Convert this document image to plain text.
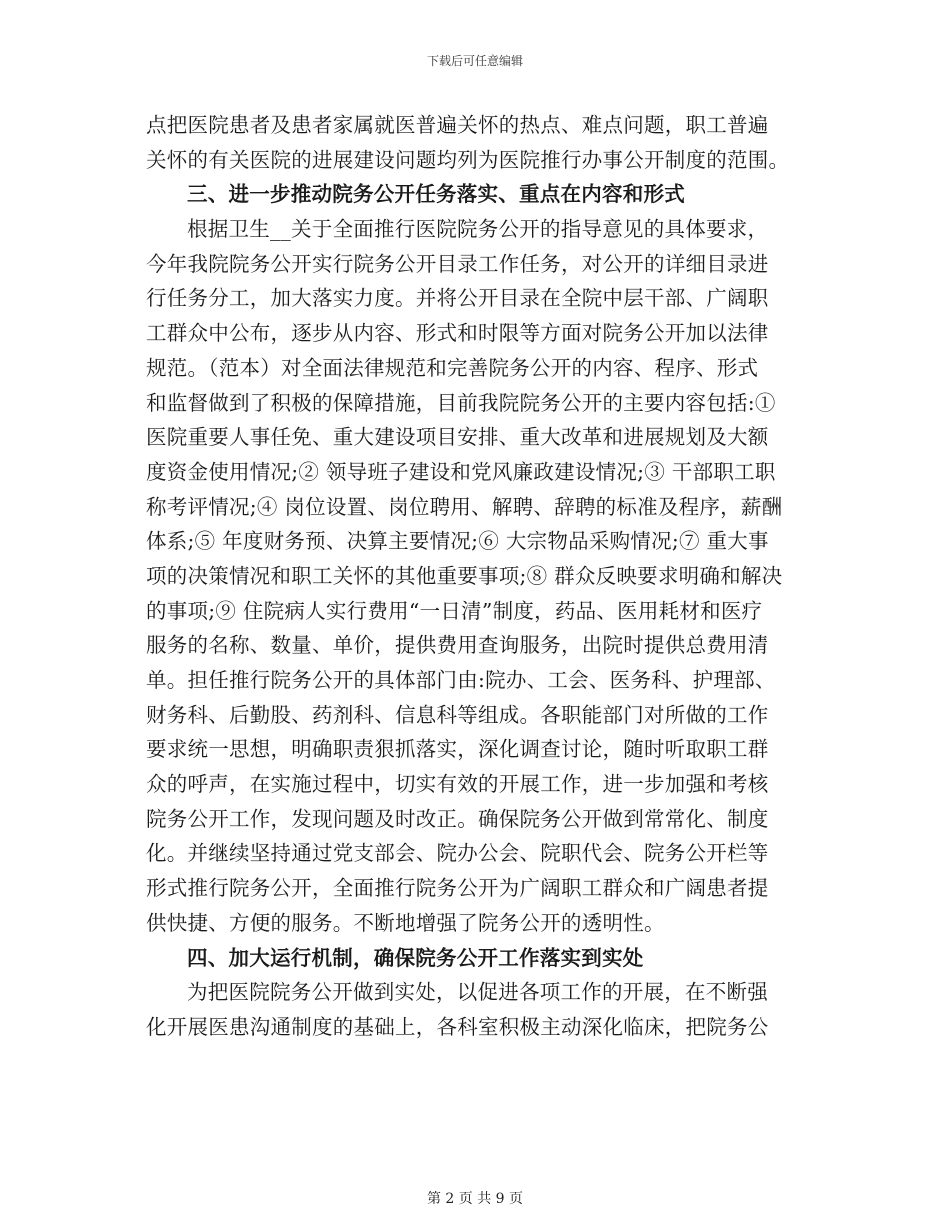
下载后可任意编辑
点把医院患者及患者家属就医普遍关怀的热点、难点问题，职工普遍
关怀的有关医院的进展建设问题均列为医院推行办事公开制度的范围。
三、进一步推动院务公开任务落实、重点在内容和形式
根据卫生__关于全面推行医院院务公开的指导意见的具体要求，
今年我院院务公开实行院务公开目录工作任务，对公开的详细目录进
行任务分工，加大落实力度。并将公开目录在全院中层干部、广阔职
工群众中公布，逐步从内容、形式和时限等方面对院务公开加以法律
规范。（范本）对全面法律规范和完善院务公开的内容、程序、形式
和监督做到了积极的保障措施，目前我院院务公开的主要内容包括:①
医院重要人事任免、重大建设项目安排、重大改革和进展规划及大额
度资金使用情况;② 领导班子建设和党风廉政建设情况;③ 干部职工职
称考评情况;④ 岗位设置、岗位聘用、解聘、辞聘的标准及程序，薪酬
体系;⑤ 年度财务预、决算主要情况;⑥ 大宗物品采购情况;⑦ 重大事
项的决策情况和职工关怀的其他重要事项;⑧ 群众反映要求明确和解决
的事项;⑨ 住院病人实行费用“一日清”制度，药品、医用耗材和医疗
服务的名称、数量、单价，提供费用查询服务，出院时提供总费用清
单。担任推行院务公开的具体部门由:院办、工会、医务科、护理部、
财务科、后勤股、药剂科、信息科等组成。各职能部门对所做的工作
要求统一思想，明确职责狠抓落实，深化调查讨论，随时听取职工群
众的呼声，在实施过程中，切实有效的开展工作，进一步加强和考核
院务公开工作，发现问题及时改正。确保院务公开做到常常化、制度
化。并继续坚持通过党支部会、院办公会、院职代会、院务公开栏等
形式推行院务公开，全面推行院务公开为广阔职工群众和广阔患者提
供快捷、方便的服务。不断地增强了院务公开的透明性。
四、加大运行机制，确保院务公开工作落实到实处
为把医院院务公开做到实处，以促进各项工作的开展，在不断强
化开展医患沟通制度的基础上，各科室积极主动深化临床，把院务公
第 2 页 共 9 页
